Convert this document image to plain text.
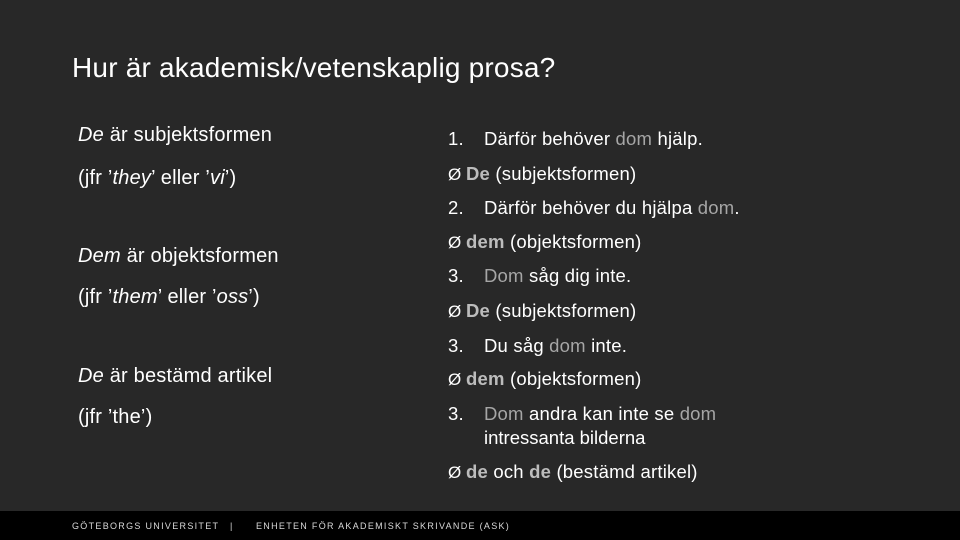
Hur är akademisk/vetenskaplig prosa?
De är subjektsformen
(jfr ’they’ eller ’vi’)
Dem är objektsformen
(jfr ’them’ eller ’oss’)
De är bestämd artikel
(jfr ’the’)
1. Därför behöver dom hjälp.
Ø De (subjektsformen)
2. Därför behöver du hjälpa dom.
Ø dem (objektsformen)
3. Dom såg dig inte.
Ø De (subjektsformen)
3. Du såg dom inte.
Ø dem (objektsformen)
3. Dom andra kan inte se dom
intressanta bilderna
Ø de och de (bestämd artikel)
GÖTEBORGS UNIVERSITET | ENHETEN FÖR AKADEMISKT SKRIVANDE (ASK)
